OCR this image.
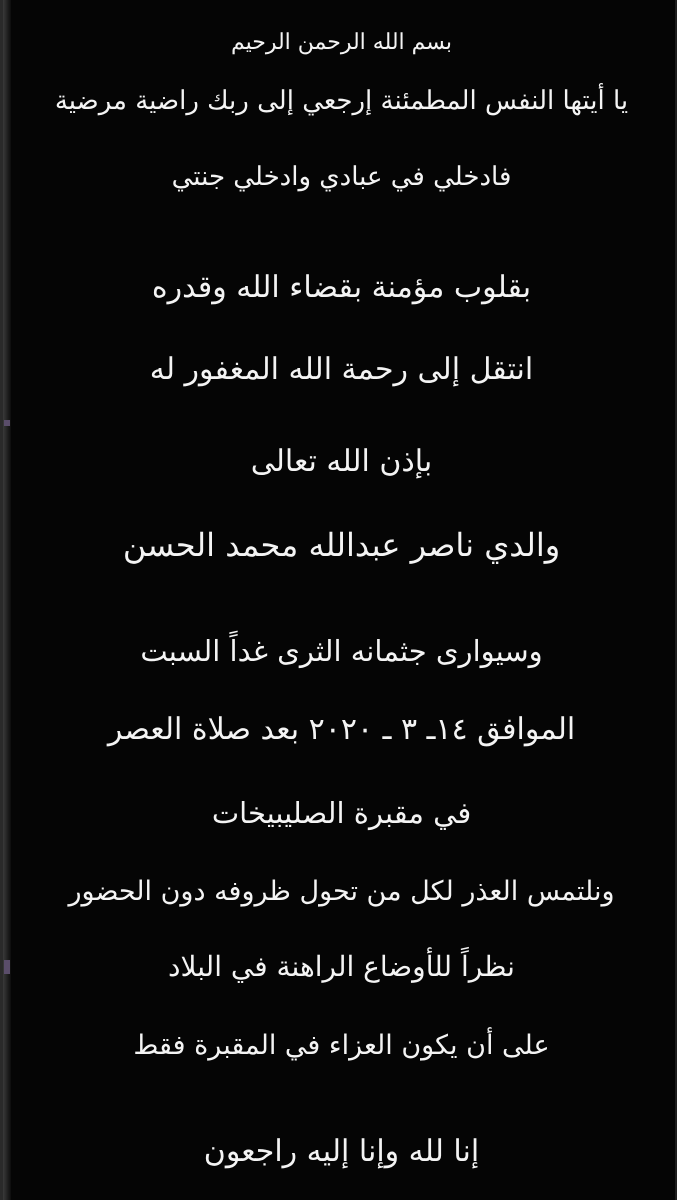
بسم الله الرحمن الرحيم
يا أيتها النفس المطمئنة إرجعي إلى ربك راضية مرضية
فادخلي في عبادي وادخلي جنتي
بقلوب مؤمنة بقضاء الله وقدره
انتقل إلى رحمة الله المغفور له
بإذن الله تعالى
والدي ناصر عبدالله محمد الحسن
وسيوارى جثمانه الثرى غداً السبت
الموافق ١٤ـ ٣ ـ ٢٠٢٠ بعد صلاة العصر
في مقبرة الصليبيخات
ونلتمس العذر لكل من تحول ظروفه دون الحضور
نظراً للأوضاع الراهنة في البلاد
على أن يكون العزاء في المقبرة فقط
إنا لله وإنا إليه راجعون
